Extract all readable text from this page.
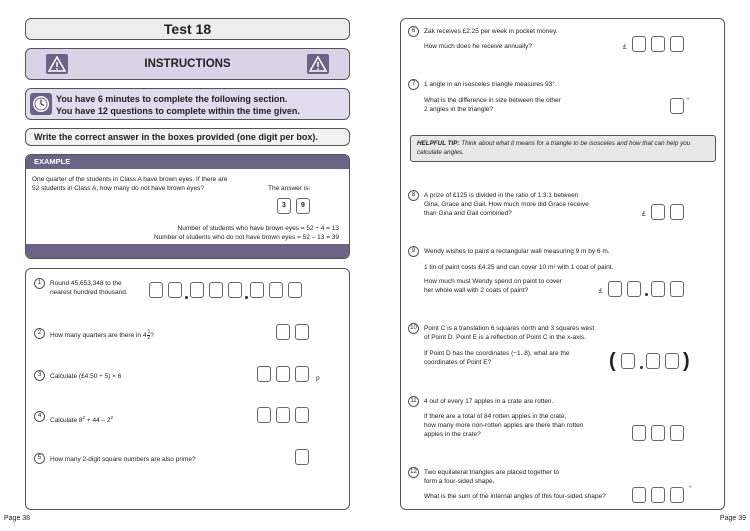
Test 18
INSTRUCTIONS
You have 6 minutes to complete the following section.
You have 12 questions to complete within the time given.
Write the correct answer in the boxes provided (one digit per box).
EXAMPLE
One quarter of the students in Class A have brown eyes. If there are
52 students in Class A, how many do not have brown eyes?	The answer is:
3	9
Number of students who have brown eyes = 52 ÷ 4 = 13
Number of students who do not have brown eyes = 52 – 13 = 39
1	Round 45,653,348 to the
nearest hundred thousand.
2	How many quarters are there in $4 \frac{1}{2}$ ?
3	Calculate (£4.50 ÷ 5) × 6	p
4
Calculate $8^2 + 44 - 2^2$
5	How many 2-digit square numbers are also prime?
Page 38
6	Zak receives £2.25 per week in pocket money.
How much does he receive annually?	£
7	1 angle in an isosceles triangle measures 93°.
What is the difference in size between the other
2 angles in the triangle?
°
HELPFUL TIP: Think about what it means for a triangle to be isosceles and how that can help you
calculate angles.
8	A prize of £125 is divided in the ratio of 1:3:1 between
Gina, Grace and Gail. How much more did Grace receive
than Gina and Gail combined?	£
9	Wendy wishes to paint a rectangular wall measuring 9 m by 6 m.
1 tin of paint costs £4.25 and can cover 10 m² with 1 coat of paint.
How much must Wendy spend on paint to cover
her whole wall with 2 coats of paint?	£
10	Point C is a translation 6 squares north and 3 squares west
of Point D. Point E is a reflection of Point C in the x-axis.
If Point D has the coordinates (−1, 8), what are the
coordinates of Point E?	(	)
11	4 out of every 17 apples in a crate are rotten.
If there are a total of 84 rotten apples in the crate,
how many more non-rotten apples are there than rotten
apples in the crate?
12	Two equilateral triangles are placed together to
form a four-sided shape.
What is the sum of the internal angles of this four-sided shape?
°
Page 39
